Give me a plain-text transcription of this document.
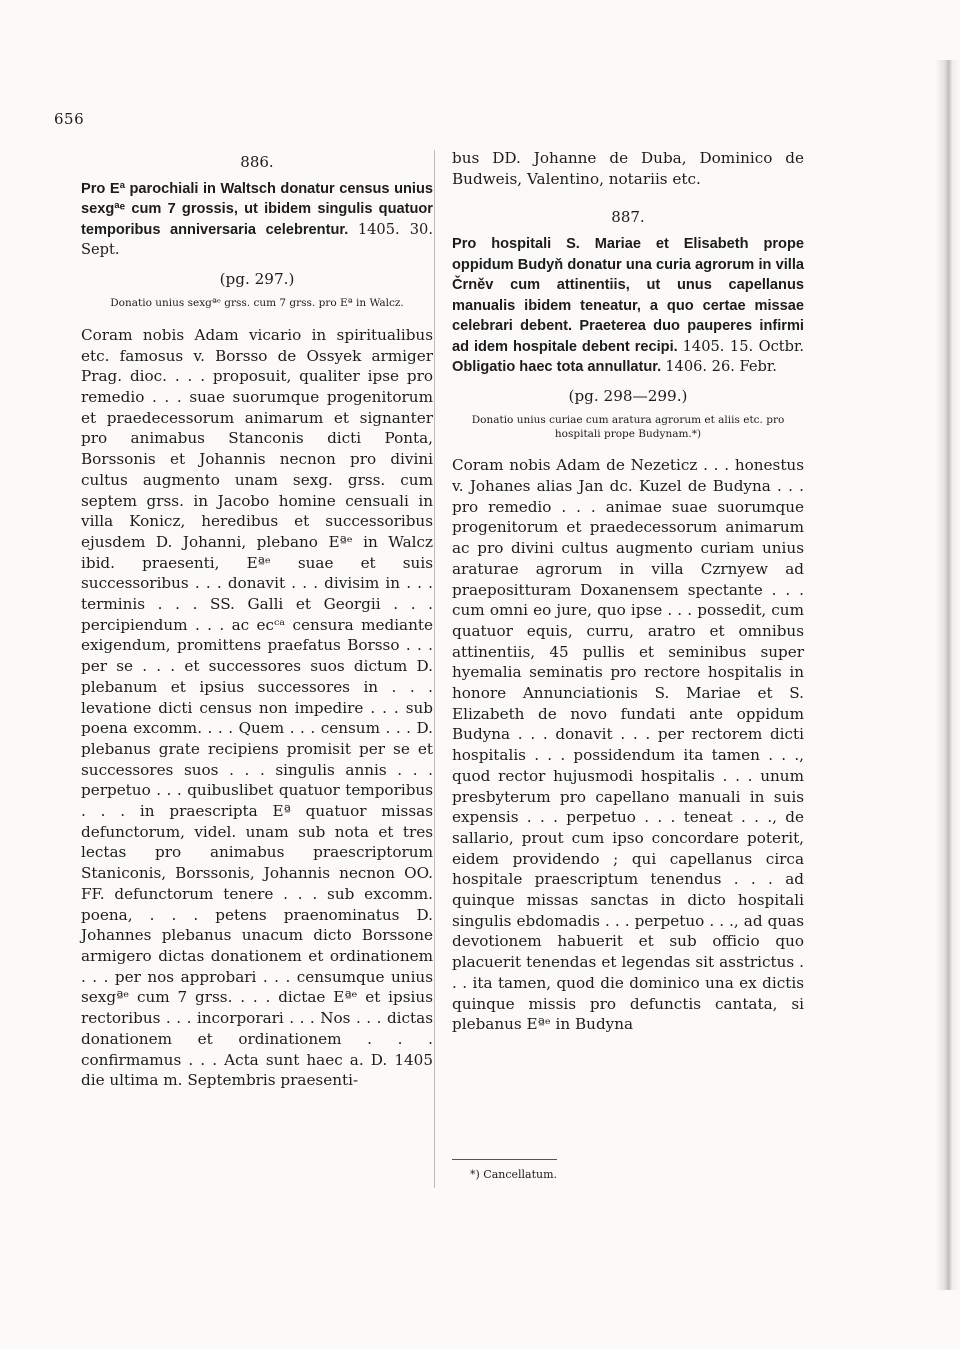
656
886.

Pro Eª parochiali in Waltsch donatur census unius sexgªᵉ cum 7 grossis, ut ibidem singulis quatuor temporibus anniversaria celebrentur. 1405. 30. Sept.

(pg. 297.)
Donatio unius sexgªᵉ grss. cum 7 grss. pro Eª in Walcz.

Coram nobis Adam vicario in spiritualibus etc. famosus v. Borsso de Ossyek armiger Prag. dioc. . . . proposuit, qualiter ipse pro remedio . . . suae suorumque progenitorum et praedecessorum animarum et signanter pro animabus Stanconis dicti Ponta, Borssonis et Johannis necnon pro divini cultus augmento unam sexg. grss. cum septem grss. in Jacobo homine censuali in villa Konicz, heredibus et successoribus ejusdem D. Johanni, plebano Eªᵉ in Walcz ibid. praesenti, Eªᵉ suae et suis successoribus . . . donavit . . . divisim in . . . terminis . . . SS. Galli et Georgii . . . percipiendum . . . ac ecᶜᵃ censura mediante exigendum, promittens praefatus Borsso . . . per se . . . et successores suos dictum D. plebanum et ipsius successores in . . . levatione dicti census non impedire . . . sub poena excomm. . . . Quem . . . censum . . . D. plebanus grate recipiens promisit per se et successores suos . . . singulis annis . . . perpetuo . . . quibuslibet quatuor temporibus . . . in praescripta Eª quatuor missas defunctorum, videl. unam sub nota et tres lectas pro animabus praescriptorum Staniconis, Borssonis, Johannis necnon OO. FF. defunctorum tenere . . . sub excomm. poena, . . . petens praenominatus D. Johannes plebanus unacum dicto Borssone armigero dictas donationem et ordinationem . . . per nos approbari . . . censumque unius sexgªᵉ cum 7 grss. . . . dictae Eªᵉ et ipsius rectoribus . . . incorporari . . . Nos . . . dictas donationem et ordinationem . . . confirmamus . . . Acta sunt haec a. D. 1405 die ultima m. Septembris praesenti-

bus DD. Johanne de Duba, Dominico de Budweis, Valentino, notariis etc.

887.

Pro hospitali S. Mariae et Elisabeth prope oppidum Budyň donatur una curia agrorum in villa Črněv cum attinentiis, ut unus capellanus manualis ibidem teneatur, a quo certae missae celebrari debent. Praeterea duo pauperes infirmi ad idem hospitale debent recipi. 1405. 15. Octbr. Obligatio haec tota annullatur. 1406. 26. Febr.

(pg. 298—299.)
Donatio unius curiae cum aratura agrorum et aliis etc. pro hospitali prope Budynam.*)

Coram nobis Adam de Nezeticz . . . honestus v. Johanes alias Jan dc. Kuzel de Budyna . . . pro remedio . . . animae suae suorumque progenitorum et praedecessorum animarum ac pro divini cultus augmento curiam unius araturae agrorum in villa Czrnyew ad praepositturam Doxanensem spectante . . . cum omni eo jure, quo ipse . . . possedit, cum quatuor equis, curru, aratro et omnibus attinentiis, 45 pullis et seminibus super hyemalia seminatis pro rectore hospitalis in honore Annunciationis S. Mariae et S. Elizabeth de novo fundati ante oppidum Budyna . . . donavit . . . per rectorem dicti hospitalis . . . possidendum ita tamen . . ., quod rector hujusmodi hospitalis . . . unum presbyterum pro capellano manuali in suis expensis . . . perpetuo . . . teneat . . ., de sallario, prout cum ipso concordare poterit, eidem providendo ; qui capellanus circa hospitale praescriptum tenendus . . . ad quinque missas sanctas in dicto hospitali singulis ebdomadis . . . perpetuo . . ., ad quas devotionem habuerit et sub officio quo placuerit tenendas et legendas sit asstrictus . . . ita tamen, quod die dominico una ex dictis quinque missis pro defunctis cantata, si plebanus Eªᵉ in Budyna

*) Cancellatum.
